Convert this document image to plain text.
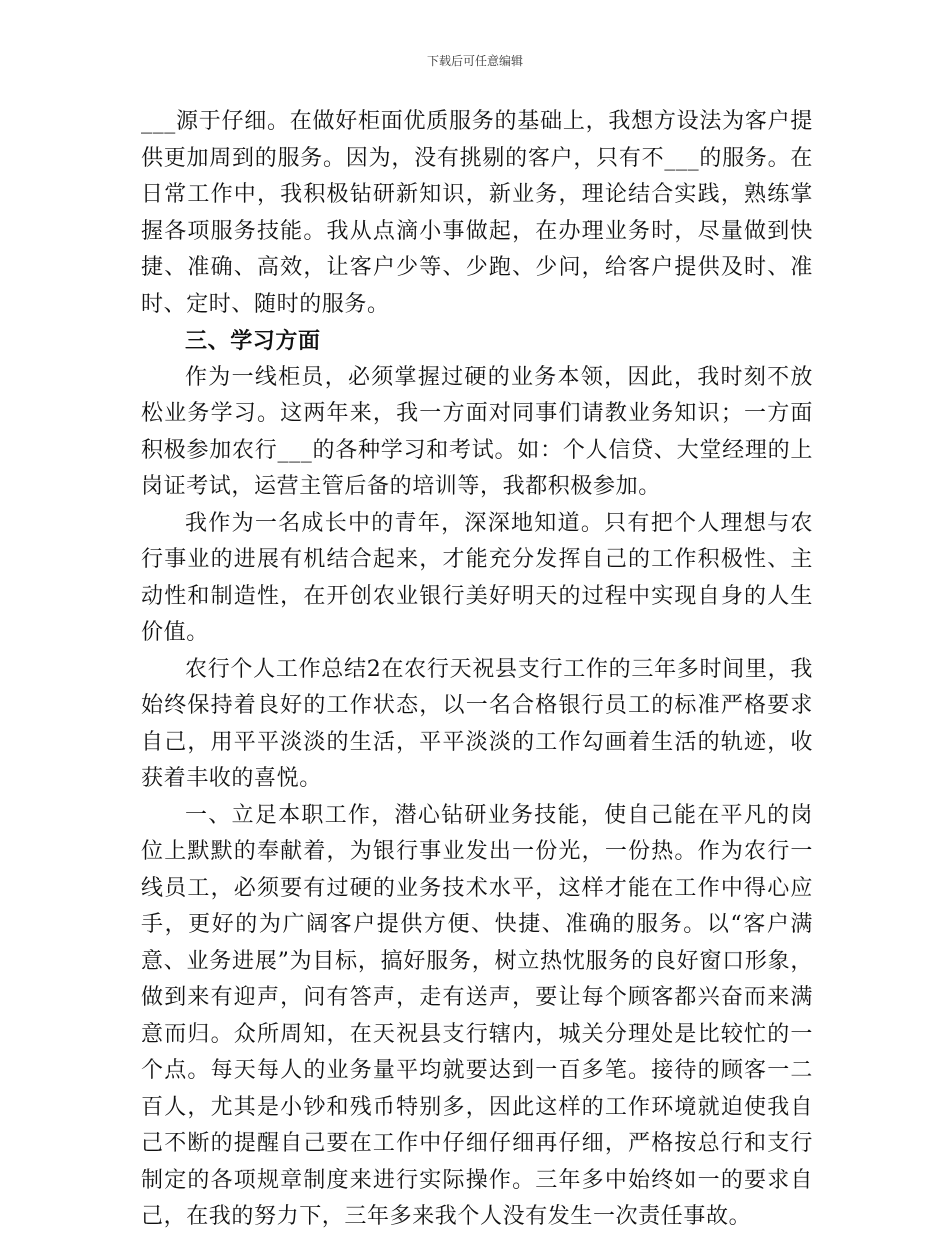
下载后可任意编辑

___源于仔细。在做好柜面优质服务的基础上，我想方设法为客户提供更加周到的服务。因为，没有挑剔的客户，只有不___的服务。在日常工作中，我积极钻研新知识，新业务，理论结合实践，熟练掌握各项服务技能。我从点滴小事做起，在办理业务时，尽量做到快捷、准确、高效，让客户少等、少跑、少问，给客户提供及时、准时、定时、随时的服务。

三、学习方面

作为一线柜员，必须掌握过硬的业务本领，因此，我时刻不放松业务学习。这两年来，我一方面对同事们请教业务知识；一方面积极参加农行___的各种学习和考试。如：个人信贷、大堂经理的上岗证考试，运营主管后备的培训等，我都积极参加。

我作为一名成长中的青年，深深地知道。只有把个人理想与农行事业的进展有机结合起来，才能充分发挥自己的工作积极性、主动性和制造性，在开创农业银行美好明天的过程中实现自身的人生价值。

农行个人工作总结2在农行天祝县支行工作的三年多时间里，我始终保持着良好的工作状态，以一名合格银行员工的标准严格要求自己，用平平淡淡的生活，平平淡淡的工作勾画着生活的轨迹，收获着丰收的喜悦。

一、立足本职工作，潜心钻研业务技能，使自己能在平凡的岗位上默默的奉献着，为银行事业发出一份光，一份热。作为农行一线员工，必须要有过硬的业务技术水平，这样才能在工作中得心应手，更好的为广阔客户提供方便、快捷、准确的服务。以“客户满意、业务进展”为目标，搞好服务，树立热忱服务的良好窗口形象，做到来有迎声，问有答声，走有送声，要让每个顾客都兴奋而来满意而归。众所周知，在天祝县支行辖内，城关分理处是比较忙的一个点。每天每人的业务量平均就要达到一百多笔。接待的顾客一二百人，尤其是小钞和残币特别多，因此这样的工作环境就迫使我自己不断的提醒自己要在工作中仔细仔细再仔细，严格按总行和支行制定的各项规章制度来进行实际操作。三年多中始终如一的要求自己，在我的努力下，三年多来我个人没有发生一次责任事故。
